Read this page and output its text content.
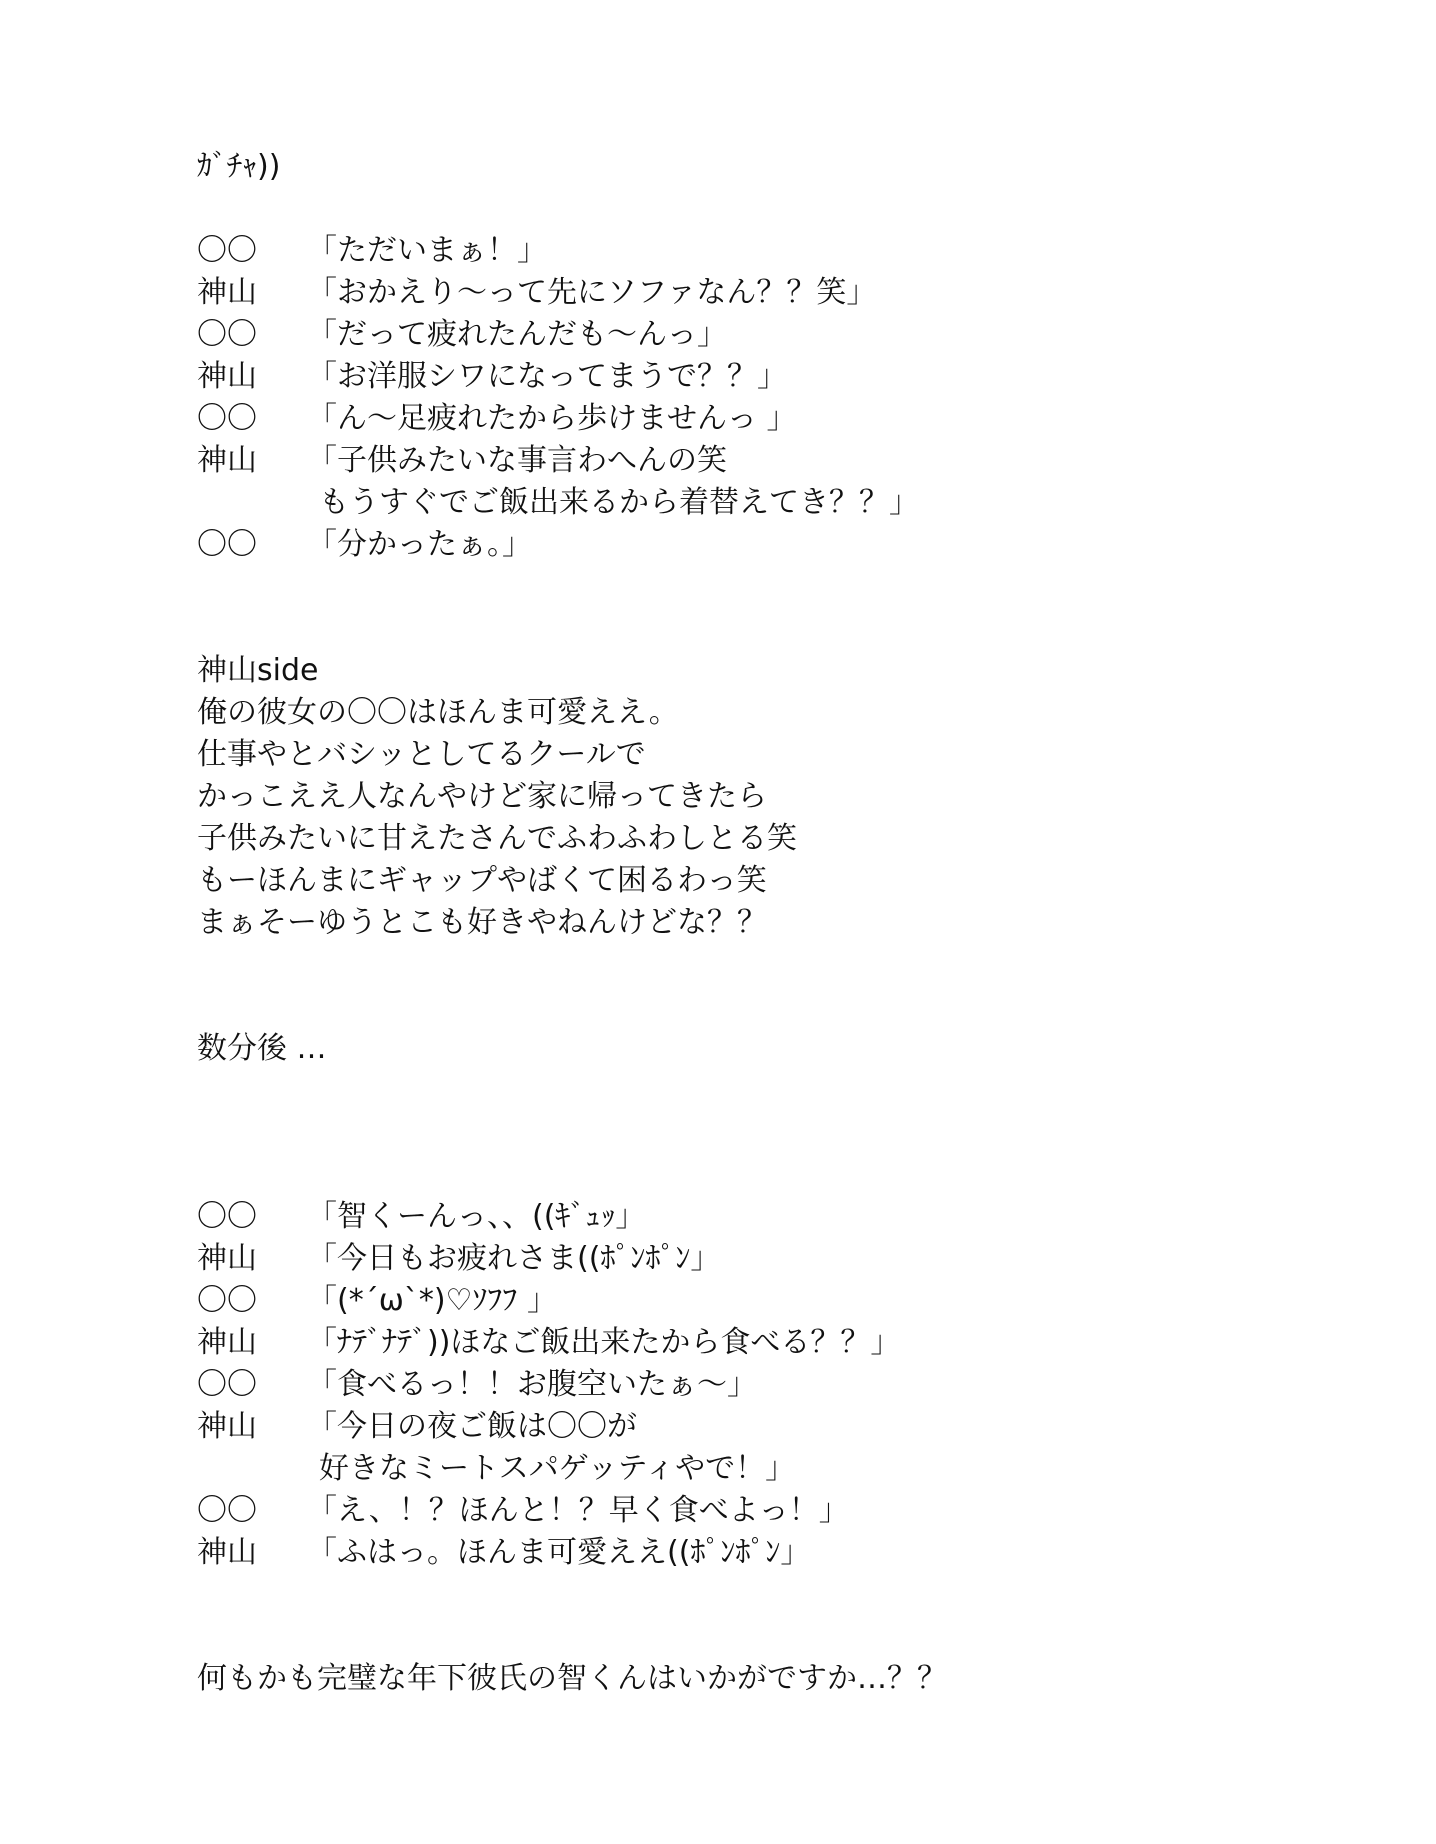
ｶﾞﾁｬ))
〇〇	「ただいまぁ！」
神山	「おかえり〜って先にソファなん？？笑」
〇〇	「だって疲れたんだも〜んっ」
神山	「お洋服シワになってまうで？？」
〇〇	「ん〜足疲れたから歩けませんっ 」
神山	「子供みたいな事言わへんの笑
もうすぐでご飯出来るから着替えてき？？」
〇〇	「分かったぁ。」
神山side
俺の彼女の〇〇はほんま可愛ええ。
仕事やとバシッとしてるクールで
かっこええ人なんやけど家に帰ってきたら
子供みたいに甘えたさんでふわふわしとる笑
もーほんまにギャップやばくて困るわっ笑
まぁそーゆうとこも好きやねんけどな？？
数分後 …
〇〇	「智くーんっ、、((ｷﾞｭｯ」
神山	「今日もお疲れさま((ﾎﾟﾝﾎﾟﾝ」
〇〇	「(*´ω`*)♡ｿﾌﾌ 」
神山	「ﾅﾃﾞﾅﾃﾞ))ほなご飯出来たから食べる？？」
〇〇	「食べるっ！！お腹空いたぁ〜」
神山	「今日の夜ご飯は〇〇が
好きなミートスパゲッティやで！」
〇〇	「え、！？ほんと！？早く食べよっ！」
神山	「ふはっ。ほんま可愛ええ((ﾎﾟﾝﾎﾟﾝ」
何もかも完璧な年下彼氏の智くんはいかがですか…？？
